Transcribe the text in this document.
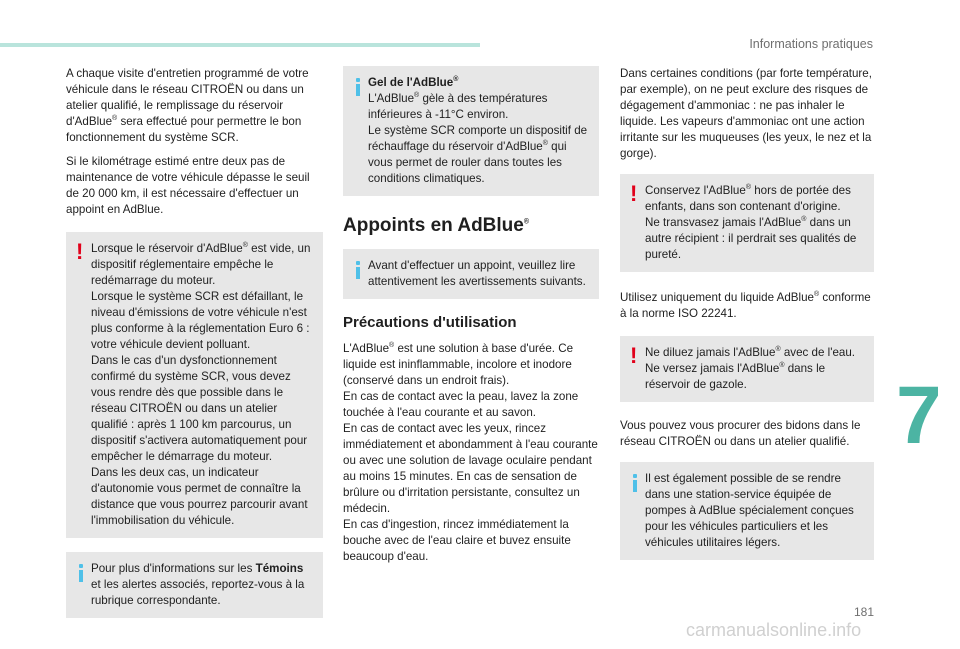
Informations pratiques

A chaque visite d'entretien programmé de votre véhicule dans le réseau CITROËN ou dans un atelier qualifié, le remplissage du réservoir d'AdBlue® sera effectué pour permettre le bon fonctionnement du système SCR.

Si le kilométrage estimé entre deux pas de maintenance de votre véhicule dépasse le seuil de 20 000 km, il est nécessaire d'effectuer un appoint en AdBlue.

! Lorsque le réservoir d'AdBlue® est vide, un dispositif réglementaire empêche le redémarrage du moteur.
Lorsque le système SCR est défaillant, le niveau d'émissions de votre véhicule n'est plus conforme à la réglementation Euro 6 : votre véhicule devient polluant.
Dans le cas d'un dysfonctionnement confirmé du système SCR, vous devez vous rendre dès que possible dans le réseau CITROËN ou dans un atelier qualifié : après 1 100 km parcourus, un dispositif s'activera automatiquement pour empêcher le démarrage du moteur.
Dans les deux cas, un indicateur d'autonomie vous permet de connaître la distance que vous pourrez parcourir avant l'immobilisation du véhicule.
Pour plus d'informations sur les Témoins et les alertes associés, reportez-vous à la rubrique correspondante.
Gel de l'AdBlue®
L'AdBlue® gèle à des températures inférieures à -11°C environ.
Le système SCR comporte un dispositif de réchauffage du réservoir d'AdBlue® qui vous permet de rouler dans toutes les conditions climatiques.
Appoints en AdBlue®
Avant d'effectuer un appoint, veuillez lire attentivement les avertissements suivants.
Précautions d'utilisation
L'AdBlue® est une solution à base d'urée. Ce liquide est ininflammable, incolore et inodore (conservé dans un endroit frais).
En cas de contact avec la peau, lavez la zone touchée à l'eau courante et au savon.
En cas de contact avec les yeux, rincez immédiatement et abondamment à l'eau courante ou avec une solution de lavage oculaire pendant au moins 15 minutes. En cas de sensation de brûlure ou d'irritation persistante, consultez un médecin.
En cas d'ingestion, rincez immédiatement la bouche avec de l'eau claire et buvez ensuite beaucoup d'eau.

Dans certaines conditions (par forte température, par exemple), on ne peut exclure des risques de dégagement d'ammoniac : ne pas inhaler le liquide. Les vapeurs d'ammoniac ont une action irritante sur les muqueuses (les yeux, le nez et la gorge).

! Conservez l'AdBlue® hors de portée des enfants, dans son contenant d'origine.
Ne transvasez jamais l'AdBlue® dans un autre récipient : il perdrait ses qualités de pureté.

Utilisez uniquement du liquide AdBlue® conforme à la norme ISO 22241.

! Ne diluez jamais l'AdBlue® avec de l'eau.
Ne versez jamais l'AdBlue® dans le réservoir de gazole.

Vous pouvez vous procurer des bidons dans le réseau CITROËN ou dans un atelier qualifié.

Il est également possible de se rendre dans une station-service équipée de pompes à AdBlue spécialement conçues pour les véhicules particuliers et les véhicules utilitaires légers.
7
181
carmanualsonline.info
